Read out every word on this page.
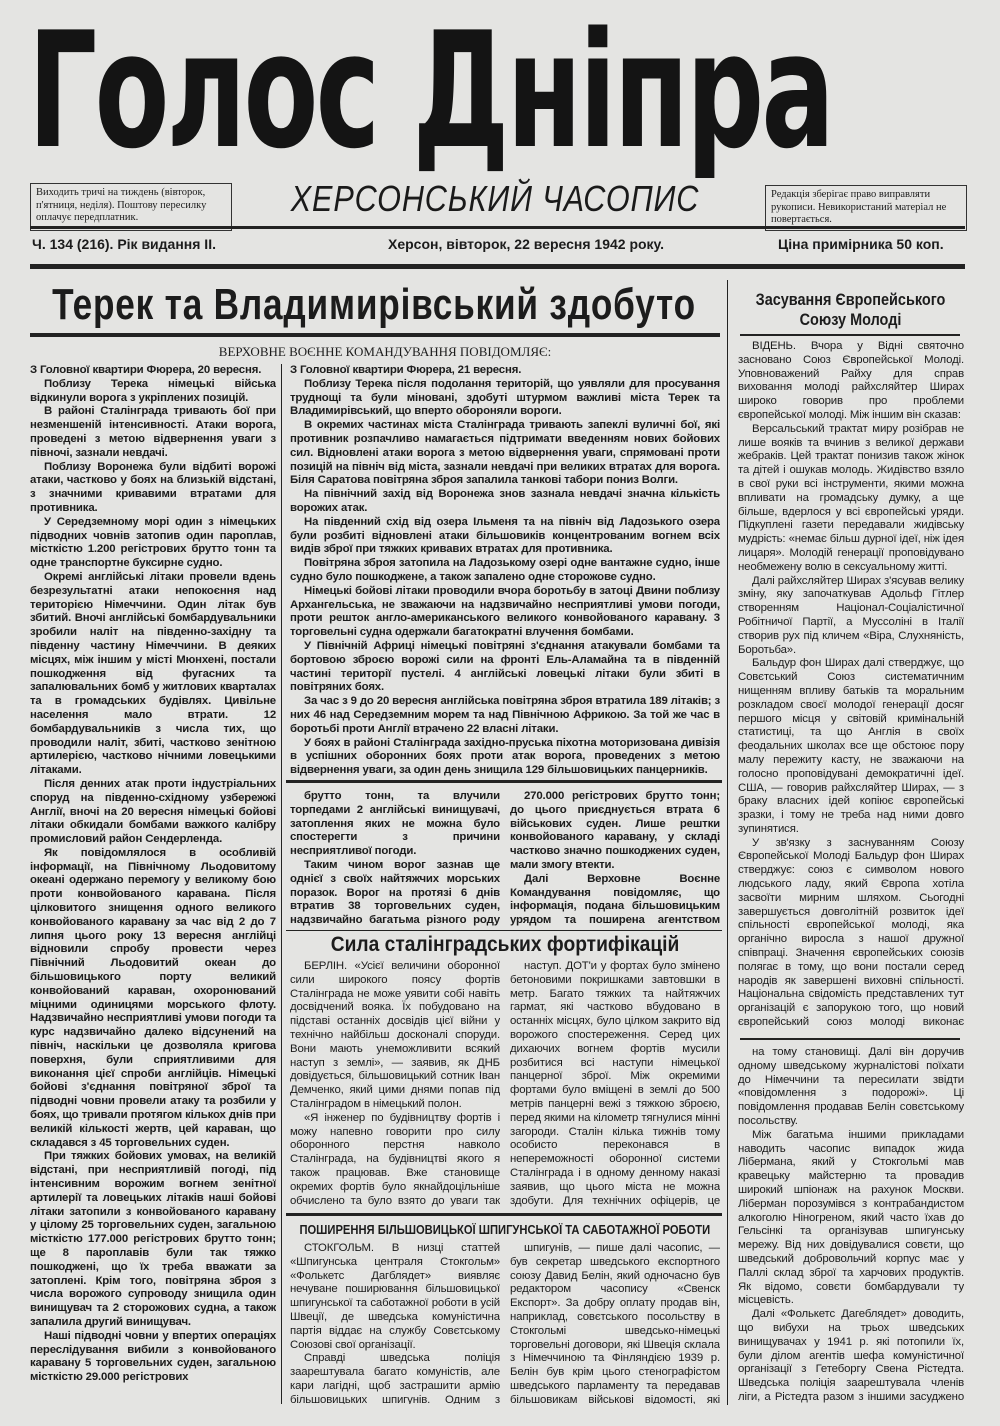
Голос Дніпра
Виходить тричі на тиждень (вівторок, п'ятниця, неділя). Поштову пересилку оплачує передплатник.	ХЕРСОНСЬКИЙ ЧАСОПИС	Редакція зберігає право виправляти рукописи. Невикористаний матеріал не повертається.
Ч. 134 (216). Рік видання II.	Херсон, вівторок, 22 вересня 1942 року.	Ціна примірника 50 коп.
Терек та Владимирівський здобуто
ВЕРХОВНЕ ВОЄННЕ КОМАНДУВАННЯ ПОВІДОМЛЯЄ:

З Головної квартири Фюрера, 20 вересня.

Поблизу Терека німецькі війська відкинули ворога з укріплених позицій.

В районі Сталінграда тривають бої при незменшеній інтенсивності. Атаки ворога, проведені з метою відвернення уваги з півночі, зазнали невдачі.

Поблизу Воронежа були відбиті ворожі атаки, частково у боях на близькій відстані, з значними кривавими втратами для противника.

У Середземному морі один з німецьких підводних човнів затопив один пароплав, місткістю 1.200 регістрових брутто тонн та одне транспортне буксирне судно.

Окремі англійські літаки провели вдень безрезультатні атаки непокоєння над територією Німеччини. Один літак був збитий. Вночі англійські бомбардувальники зробили наліт на південно-західну та південну частину Німеччини. В деяких місцях, між іншим у місті Мюнхені, постали пошкодження від фугасних та запалювальних бомб у житлових кварталах та в громадських будівлях. Цивільне населення мало втрати. 12 бомбардувальників з числа тих, що проводили наліт, збиті, частково зенітною артилерією, частково нічними ловецькими літаками.

Після денних атак проти індустріальних споруд на південно-східному узбережжі Англії, вночі на 20 вересня німецькі бойові літаки обкидали бомбами важкого калібру промисловий район Сендерленда.

Як повідомлялося в особливій інформації, на Північному Льодовитому океані одержано перемогу у великому бою проти конвойованого каравана. Після цілковитого знищення одного великого конвойованого каравану за час від 2 до 7 липня цього року 13 вересня англійці відновили спробу провести через Північний Льодовитий океан до більшовицького порту великий конвойований караван, охоронюваний міцними одиницями морського флоту. Надзвичайно несприятливі умови погоди та курс надзвичайно далеко відсунений на північ, наскільки це дозволяла кригова поверхня, були сприятливими для виконання цієї спроби англійців. Німецькі бойові з'єднання повітряної зброї та підводні човни провели атаку та розбили у боях, що тривали протягом кількох днів при великій кількості жертв, цей караван, що складався з 45 торговельних суден.

При тяжких бойових умовах, на великій відстані, при несприятливій погоді, під інтенсивним ворожим вогнем зенітної артилерії та ловецьких літаків наші бойові літаки затопили з конвойованого каравану у цілому 25 торговельних суден, загальною місткістю 177.000 регістрових брутто тонн; ще 8 пароплавів були так тяжко пошкоджені, що їх треба вважати за затоплені. Крім того, повітряна зброя з числа ворожого супроводу знищила один винищувач та 2 сторожових судна, а також запалила другий винищувач.

Наші підводні човни у впертих операціях переслідування вибили з конвойованого каравану 5 торговельних суден, загальною місткістю 29.000 регістрових

З Головної квартири Фюрера, 21 вересня.

Поблизу Терека після подолання територій, що уявляли для просування труднощі та були міновані, здобуті штурмом важливі міста Терек та Владимирівський, що вперто обороняли вороги.

В окремих частинах міста Сталінграда тривають запеклі вуличні бої, які противник розпачливо намагається підтримати введенням нових бойових сил. Відновлені атаки ворога з метою відвернення уваги, спрямовані проти позицій на північ від міста, зазнали невдачі при великих втратах для ворога. Біля Саратова повітряна зброя запалила танкові табори пониз Волги.

На північний захід від Воронежа знов зазнала невдачі значна кількість ворожих атак.

На південний схід від озера Ільменя та на північ від Ладозького озера були розбиті відновлені атаки більшовиків концентрованим вогнем всіх видів зброї при тяжких кривавих втратах для противника.

Повітряна зброя затопила на Ладозькому озері одне вантажне судно, інше судно було пошкоджене, а також запалено одне сторожове судно.

Німецькі бойові літаки проводили вчора боротьбу в затоці Двини поблизу Архангельська, не зважаючи на надзвичайно несприятливі умови погоди, проти решток англо-американського великого конвойованого каравану. 3 торговельні судна одержали багатократні влучення бомбами.

У Північній Африці німецькі повітряні з'єднання атакували бомбами та бортовою зброєю ворожі сили на фронті Ель-Аламайна та в південній частині території пустелі. 4 англійські ловецькі літаки були збиті в повітряних боях.

За час з 9 до 20 вересня англійська повітряна зброя втратила 189 літаків; з них 46 над Середземним морем та над Північною Африкою. За той же час в боротьбі проти Англії втрачено 22 власні літаки.

У боях в районі Сталінграда західно-пруська піхотна моторизована дивізія в успішних оборонних боях проти атак ворога, проведених з метою відвернення уваги, за один день знищила 129 більшовицьких панцерників.

брутто тонн, та влучили торпедами 2 англійські винищувачі, затоплення яких не можна було спостерегти з причини несприятливої погоди.

Таким чином ворог зазнав ще однієї з своїх найтяжчих морських поразок. Ворог на протязі 6 днів втратив 38 торговельних суден, надзвичайно багатьма різного роду

270.000 регістрових брутто тонн; до цього приєднується втрата 6 військових суден. Лише рештки конвойованого каравану, у складі частково значно пошкоджених суден, мали змогу втекти.

Далі Верховне Воєнне Командування повідомляє, що інформація, подана більшовицьким урядом та поширена агентством

Сила сталінградських фортифікацій

БЕРЛІН. «Усієї величини оборонної сили широкого поясу фортів Сталінграда не може уявити собі навіть досвідчений вояка. Їх побудовано на підставі останніх досвідів цієї війни у технічно найбільш досконалі споруди. Вони мають унеможливити всякий наступ з землі», — заявив, як ДНБ довідується, більшовицький сотник Іван Демченко, який цими днями попав під Сталінградом в німецький полон.

«Я інженер по будівництву фортів і можу напевно говорити про силу оборонного перстня навколо Сталінграда, на будівництві якого я також працював. Вже становище окремих фортів було якнайдоцільніше обчислено та було взято до уваги так

наступ. ДОТ'и у фортах було змінено бетоновими покришками завтовшки в метр. Багато тяжких та найтяжчих гармат, які частково вбудовано в останніх місцях, було цілком закрито від ворожого спостереження. Серед цих дихаючих вогнем фортів мусили розбитися всі наступи німецької панцерної зброї. Між окремими фортами було вміщені в землі до 500 метрів панцерні вежі з тяжкою зброєю, перед якими на кілометр тягнулися мінні загороди. Сталін кілька тижнів тому особисто переконався в непереможності оборонної системи Сталінграда і в одному денному наказі заявив, що цього міста не можна здобути. Для технічних офіцерів, це

ПОШИРЕННЯ БІЛЬШОВИЦЬКОЇ ШПИГУНСЬКОЇ ТА САБОТАЖНОЇ РОБОТИ

СТОКГОЛЬМ. В низці статтей «Шпигунська централя Стокгольм» «Фолькетс Дагблядет» виявляє нечуване поширювання більшовицької шпигунської та саботажної роботи в усій Швеції, де шведська комуністична партія віддає на службу Совєтському Союзові свої організації.

Справді шведська поліція заарештувала багато комуністів, але кари лагідні, щоб застрашити армію більшовицьких шпигунів. Одним з

шпигунів, — пише далі часопис, — був секретар шведського експортного союзу Давид Белін, який одночасно був редактором часопису «Свенск Експорт». За добру оплату продав він, наприклад, совєтського посольству в Стокгольмі шведсько-німецькі торговельні договори, які Швеція склала з Німеччиною та Фінляндією 1939 р. Белін був крім цього стенографістом шведського парламенту та передавав більшовикам військові відомості, які

Засування Європейського Союзу Молоді

ВІДЕНЬ. Вчора у Відні святочно засновано Союз Європейської Молоді. Уповноважений Райху для справ виховання молоді райхсляйтер Ширах широко говорив про проблеми європейської молоді. Між іншим він сказав:

Версальський трактат миру розібрав не лише вояків та вчинив з великої держави жебраків. Цей трактат понизив також жінок та дітей і ошукав молодь. Жидівство взяло в свої руки всі інструменти, якими можна впливати на громадську думку, а ще більше, вдерлося у всі європейські уряди. Підкуплені газети передавали жидівську мудрість: «немає більш дурної ідеї, ніж ідея лицаря». Молодій генерації проповідувано необмежену волю в сексуальному житті.

Далі райхсляйтер Ширах з'ясував велику зміну, яку започаткував Адольф Гітлер створенням Націонал-Соціалістичної Робітничої Партії, а Муссоліні в Італії створив рух під кличем «Віра, Слухняність, Боротьба».

Бальдур фон Ширах далі стверджує, що Совєтський Союз систематичним нищенням впливу батьків та моральним розкладом своєї молодої генерації досяг першого місця у світовій кримінальній статистиці, та що Англія в своїх феодальних школах все ще обстоює пору малу пережиту касту, не зважаючи на голосно проповідувані демократичні ідеї. США, — говорив райхсляйтер Ширах, — з браку власних ідей копіює європейські зразки, і тому не треба над ними довго зупинятися.

У зв'язку з заснуванням Союзу Європейської Молоді Бальдур фон Ширах стверджує: союз є символом нового людського ладу, який Європа хотіла засвоїти мирним шляхом. Сьогодні завершується довголітній розвиток ідеї спільності європейської молоді, яка органічно виросла з нашої дружної співпраці. Значення європейських союзів полягає в тому, що вони постали серед народів як завершені виховні спільності. Національна свідомість представлених тут організацій є запорукою того, що новий європейський союз молоді виконає

на тому становищі. Далі він доручив одному шведському журналістові поїхати до Німеччини та пересилати звідти «повідомлення з подорожі». Ці повідомлення продавав Белін совєтському посольству.

Між багатьма іншими прикладами наводить часопис випадок жида Лібермана, який у Стокгольмі мав кравецьку майстерню та провадив широкий шпіонаж на рахунок Москви. Ліберман порозумівся з контрабандистом алкоголю Ніногреном, який часто їхав до Гельсінкі та організував шпигунську мережу. Від них довідувалися совєти, що шведський добровольчий корпус має у Паллі склад зброї та харчових продуктів. Як відомо, совєти бомбардували ту місцевість.

Далі «Фолькетс Дагеблядет» доводить, що вибухи на трьох шведських винищувачах у 1941 р. які потопили їх, були ділом агентів шефа комуністичної організації з Гетеборгу Свена Рістедта. Шведська поліція заарештувала членів ліги, а Рістедта разом з іншими засуджено
